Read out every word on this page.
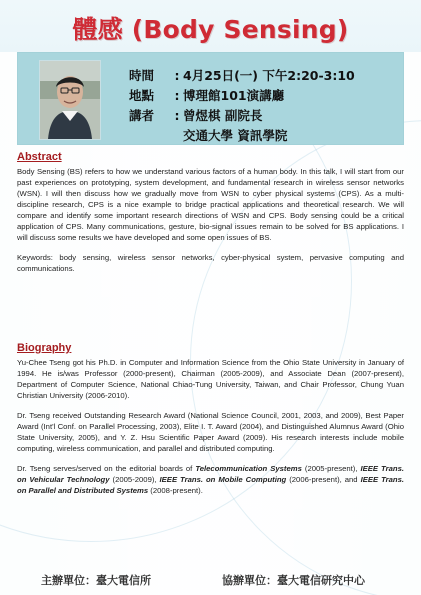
體感 (Body Sensing)
時間 : 4月25日(一) 下午2:20-3:10
地點 : 博理館101演講廳
講者 : 曾煜棋 副院長
交通大學 資訊學院
Abstract

Body Sensing (BS) refers to how we understand various factors of a human body. In this talk, I will start from our past experiences on prototyping, system development, and fundamental research in wireless sensor networks (WSN). I will then discuss how we gradually move from WSN to cyber physical systems (CPS). As a multi-discipline research, CPS is a nice example to bridge practical applications and theoretical research. We will compare and identify some important research directions of WSN and CPS. Body sensing could be a critical application of CPS. Many communications, gesture, bio-signal issues remain to be solved for BS applications. I will discuss some results we have developed and some open issues of BS.

Keywords: body sensing, wireless sensor networks, cyber-physical system, pervasive computing and communications.

Biography

Yu-Chee Tseng got his Ph.D. in Computer and Information Science from the Ohio State University in January of 1994. He is/was Professor (2000-present), Chairman (2005-2009), and Associate Dean (2007-present), Department of Computer Science, National Chiao-Tung University, Taiwan, and Chair Professor, Chung Yuan Christian University (2006-2010).

Dr. Tseng received Outstanding Research Award (National Science Council, 2001, 2003, and 2009), Best Paper Award (Int'l Conf. on Parallel Processing, 2003), Elite I. T. Award (2004), and Distinguished Alumnus Award (Ohio State University, 2005), and Y. Z. Hsu Scientific Paper Award (2009). His research interests include mobile computing, wireless communication, and parallel and distributed computing.

Dr. Tseng serves/served on the editorial boards of Telecommunication Systems (2005-present), IEEE Trans. on Vehicular Technology (2005-2009), IEEE Trans. on Mobile Computing (2006-present), and IEEE Trans. on Parallel and Distributed Systems (2008-present).

主辦單位：臺大電信所	協辦單位：臺大電信研究中心
